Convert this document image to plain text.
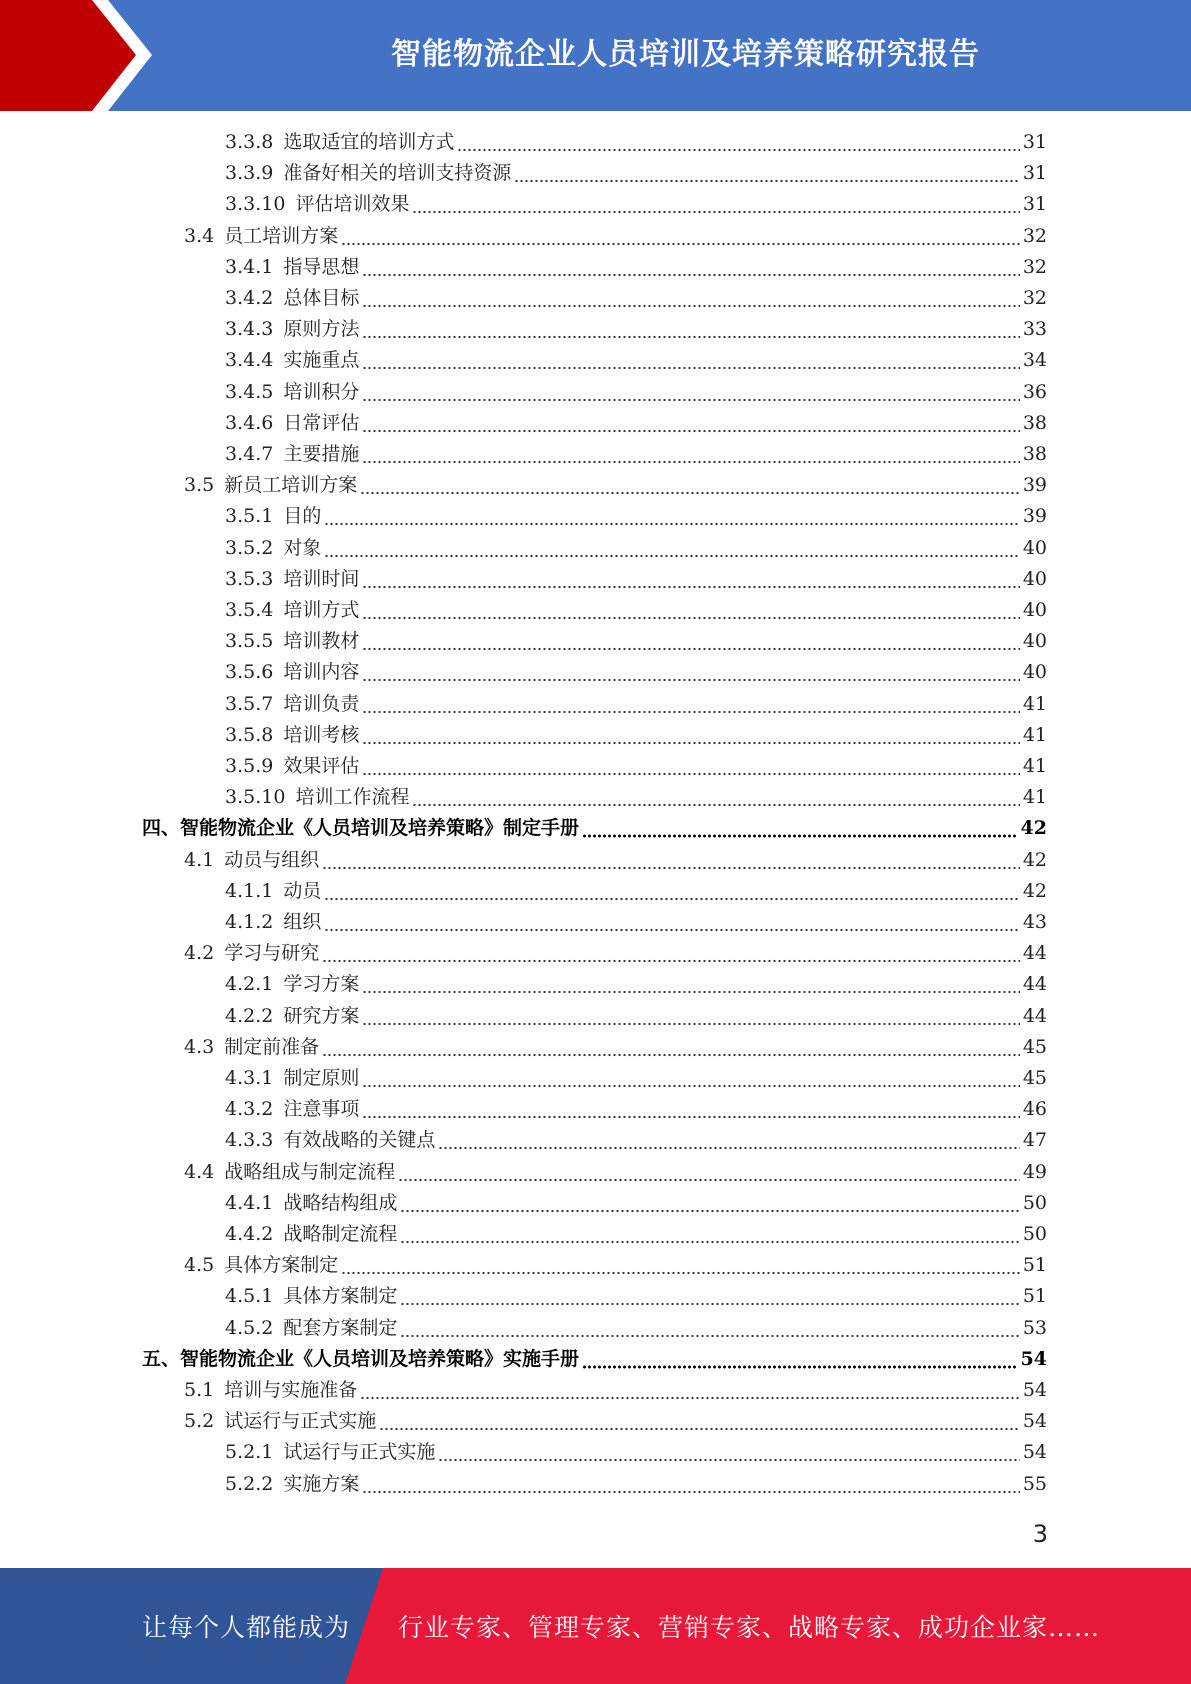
智能物流企业人员培训及培养策略研究报告
3.3.8 选取适宜的培训方式	31
3.3.9 准备好相关的培训支持资源	31
3.3.10 评估培训效果	31
3.4 员工培训方案	32
3.4.1 指导思想	32
3.4.2 总体目标	32
3.4.3 原则方法	33
3.4.4 实施重点	34
3.4.5 培训积分	36
3.4.6 日常评估	38
3.4.7 主要措施	38
3.5 新员工培训方案	39
3.5.1 目的	39
3.5.2 对象	40
3.5.3 培训时间	40
3.5.4 培训方式	40
3.5.5 培训教材	40
3.5.6 培训内容	40
3.5.7 培训负责	41
3.5.8 培训考核	41
3.5.9 效果评估	41
3.5.10 培训工作流程	41
四、 智能物流企业《人员培训及培养策略》制定手册	42
4.1 动员与组织	42
4.1.1 动员	42
4.1.2 组织	43
4.2 学习与研究	44
4.2.1 学习方案	44
4.2.2 研究方案	44
4.3 制定前准备	45
4.3.1 制定原则	45
4.3.2 注意事项	46
4.3.3 有效战略的关键点	47
4.4 战略组成与制定流程	49
4.4.1 战略结构组成	50
4.4.2 战略制定流程	50
4.5 具体方案制定	51
4.5.1 具体方案制定	51
4.5.2 配套方案制定	53
五、 智能物流企业《人员培训及培养策略》实施手册	54
5.1 培训与实施准备	54
5.2 试运行与正式实施	54
5.2.1 试运行与正式实施	54
5.2.2 实施方案	55
3
让每个人都能成为 行业专家、管理专家、营销专家、战略专家、成功企业家……
